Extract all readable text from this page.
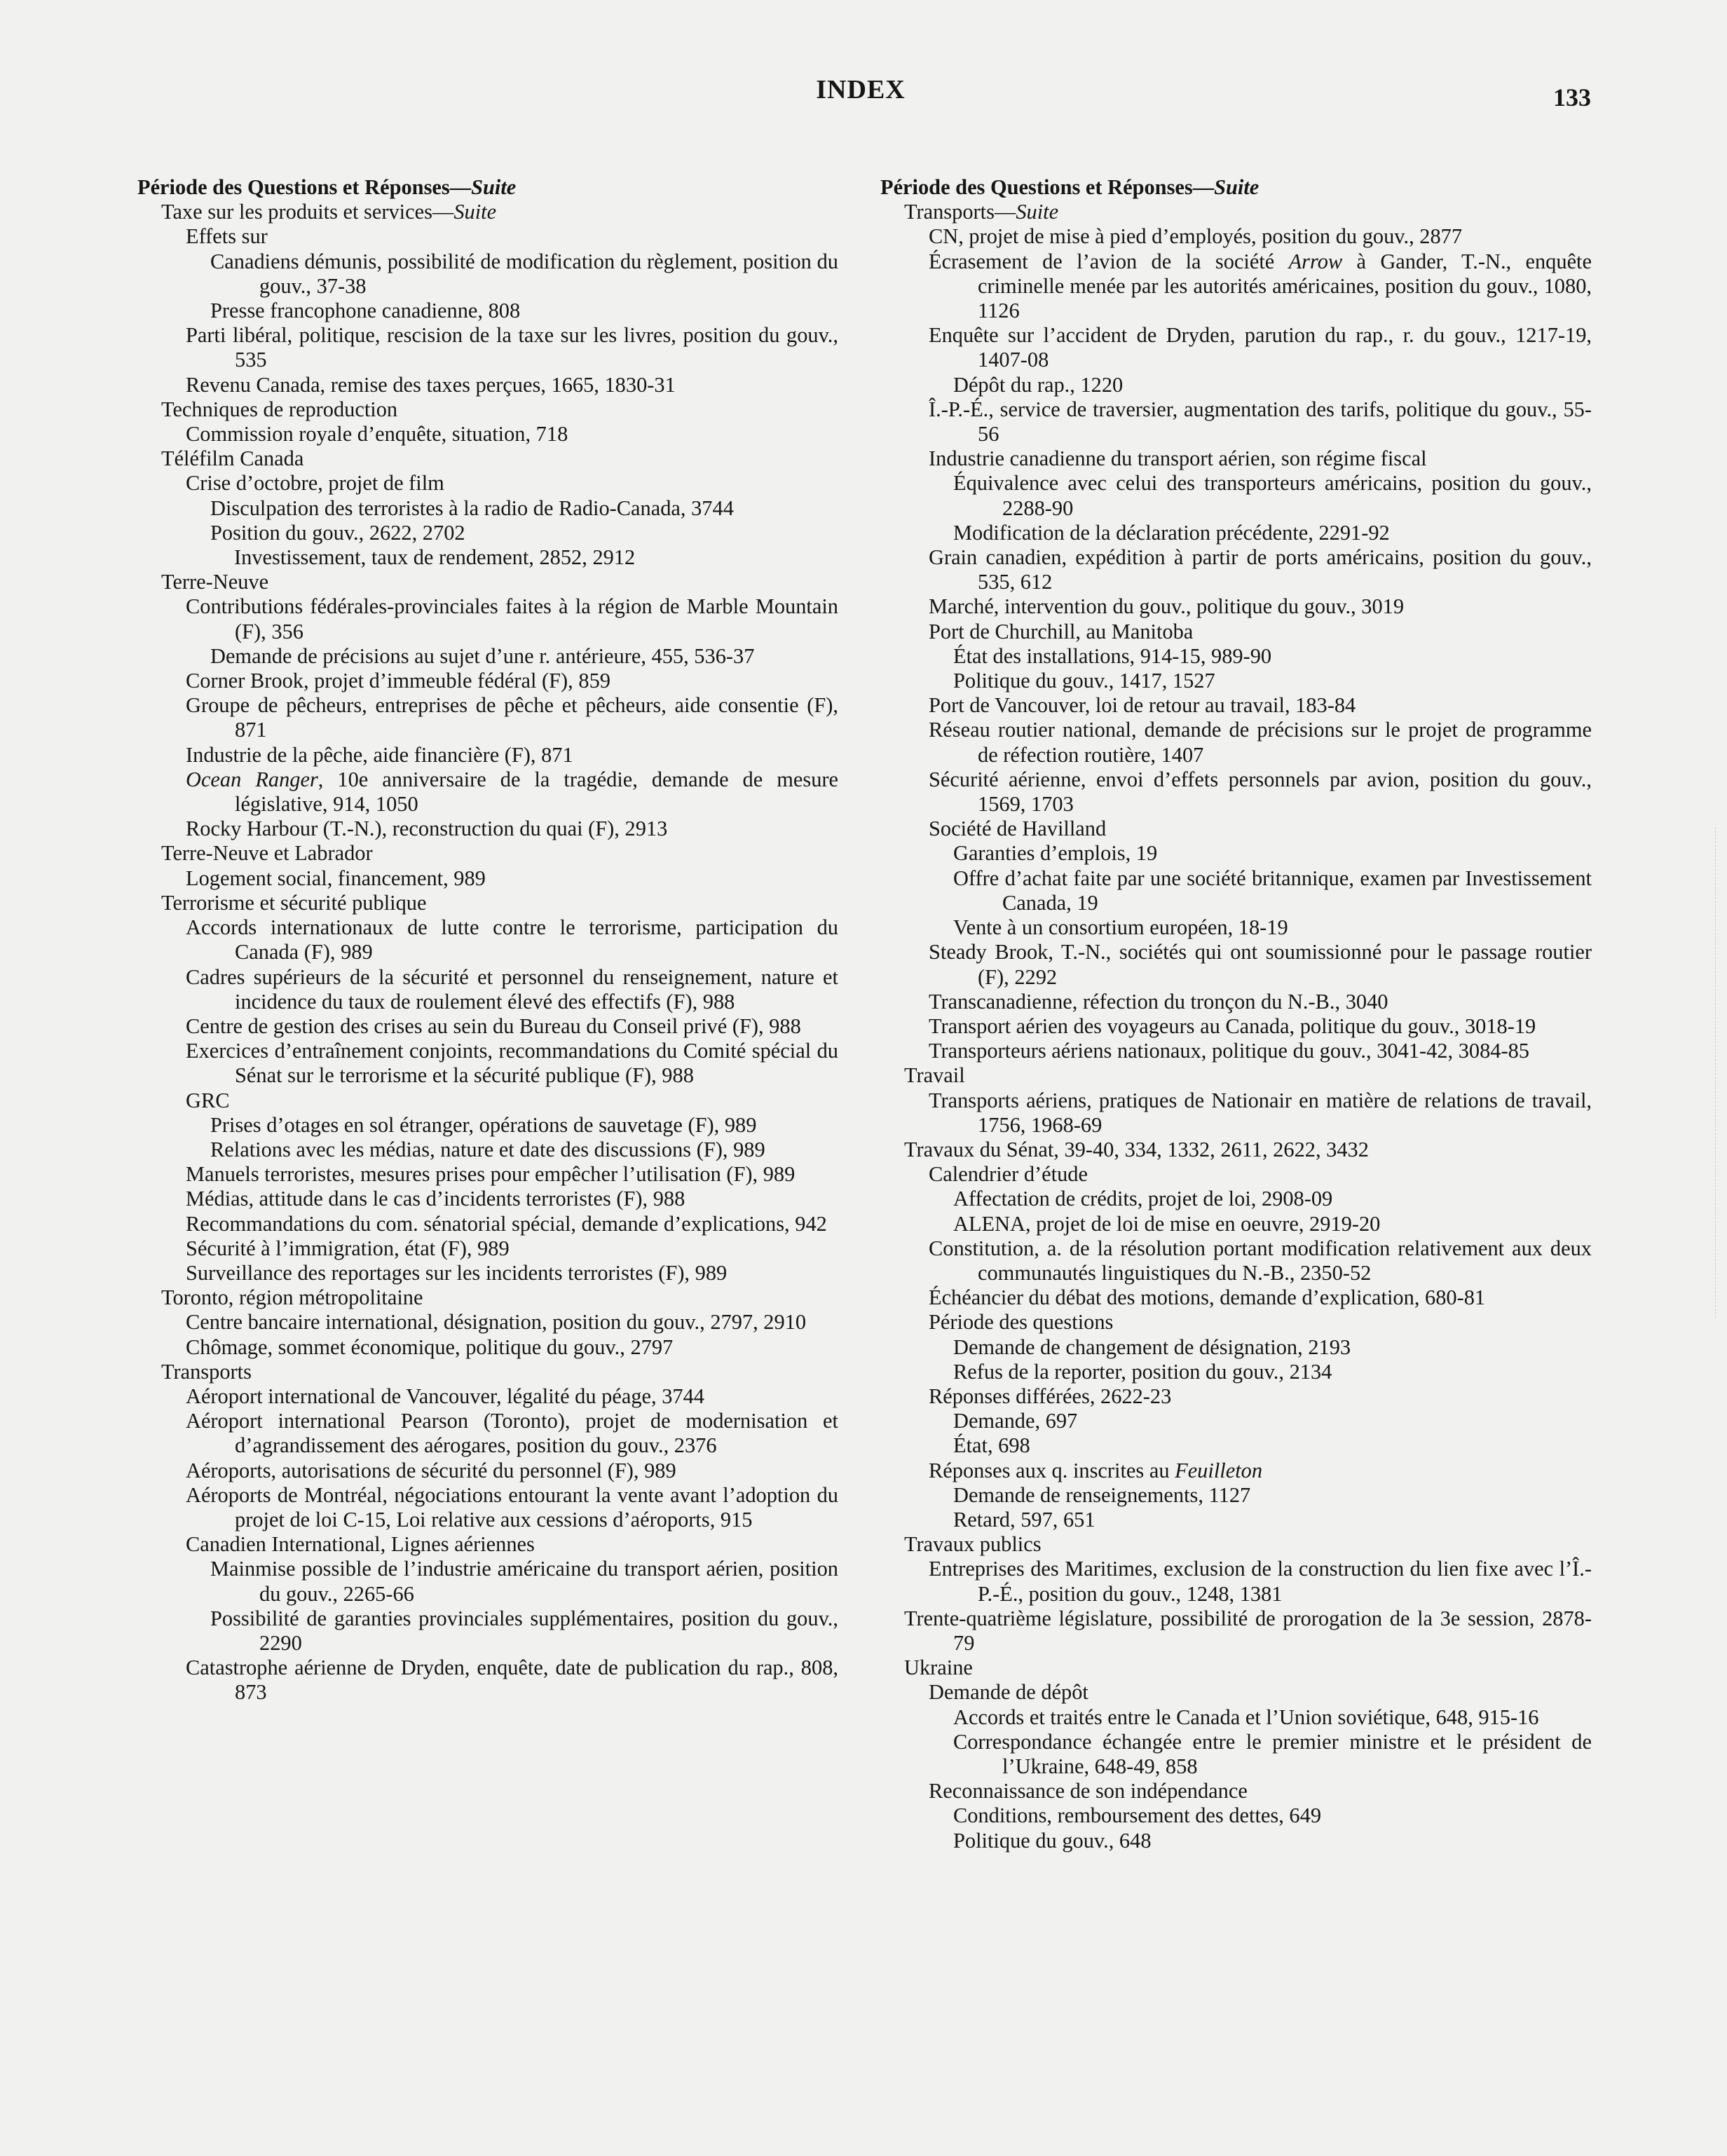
INDEX	133
Période des Questions et Réponses—Suite
Taxe sur les produits et services—Suite
Effets sur
Canadiens démunis, possibilité de modification du règlement, position du gouv., 37-38
Presse francophone canadienne, 808
Parti libéral, politique, rescision de la taxe sur les livres, position du gouv., 535
Revenu Canada, remise des taxes perçues, 1665, 1830-31
Techniques de reproduction
Commission royale d’enquête, situation, 718
Téléfilm Canada
Crise d’octobre, projet de film
Disculpation des terroristes à la radio de Radio-Canada, 3744
Position du gouv., 2622, 2702
Investissement, taux de rendement, 2852, 2912
Terre-Neuve
Contributions fédérales-provinciales faites à la région de Marble Mountain (F), 356
Demande de précisions au sujet d’une r. antérieure, 455, 536-37
Corner Brook, projet d’immeuble fédéral (F), 859
Groupe de pêcheurs, entreprises de pêche et pêcheurs, aide consentie (F), 871
Industrie de la pêche, aide financière (F), 871
Ocean Ranger, 10e anniversaire de la tragédie, demande de mesure législative, 914, 1050
Rocky Harbour (T.-N.), reconstruction du quai (F), 2913
Terre-Neuve et Labrador
Logement social, financement, 989
Terrorisme et sécurité publique
Accords internationaux de lutte contre le terrorisme, participation du Canada (F), 989
Cadres supérieurs de la sécurité et personnel du renseignement, nature et incidence du taux de roulement élevé des effectifs (F), 988
Centre de gestion des crises au sein du Bureau du Conseil privé (F), 988
Exercices d’entraînement conjoints, recommandations du Comité spécial du Sénat sur le terrorisme et la sécurité publique (F), 988
GRC
Prises d’otages en sol étranger, opérations de sauvetage (F), 989
Relations avec les médias, nature et date des discussions (F), 989
Manuels terroristes, mesures prises pour empêcher l’utilisation (F), 989
Médias, attitude dans le cas d’incidents terroristes (F), 988
Recommandations du com. sénatorial spécial, demande d’explications, 942
Sécurité à l’immigration, état (F), 989
Surveillance des reportages sur les incidents terroristes (F), 989
Toronto, région métropolitaine
Centre bancaire international, désignation, position du gouv., 2797, 2910
Chômage, sommet économique, politique du gouv., 2797
Transports
Aéroport international de Vancouver, légalité du péage, 3744
Aéroport international Pearson (Toronto), projet de modernisation et d’agrandissement des aérogares, position du gouv., 2376
Aéroports, autorisations de sécurité du personnel (F), 989
Aéroports de Montréal, négociations entourant la vente avant l’adoption du projet de loi C-15, Loi relative aux cessions d’aéroports, 915
Canadien International, Lignes aériennes
Mainmise possible de l’industrie américaine du transport aérien, position du gouv., 2265-66
Possibilité de garanties provinciales supplémentaires, position du gouv., 2290
Catastrophe aérienne de Dryden, enquête, date de publication du rap., 808, 873
Période des Questions et Réponses—Suite
Transports—Suite
CN, projet de mise à pied d’employés, position du gouv., 2877
Écrasement de l’avion de la société Arrow à Gander, T.-N., enquête criminelle menée par les autorités américaines, position du gouv., 1080, 1126
Enquête sur l’accident de Dryden, parution du rap., r. du gouv., 1217-19, 1407-08
Dépôt du rap., 1220
Î.-P.-É., service de traversier, augmentation des tarifs, politique du gouv., 55-56
Industrie canadienne du transport aérien, son régime fiscal
Équivalence avec celui des transporteurs américains, position du gouv., 2288-90
Modification de la déclaration précédente, 2291-92
Grain canadien, expédition à partir de ports américains, position du gouv., 535, 612
Marché, intervention du gouv., politique du gouv., 3019
Port de Churchill, au Manitoba
État des installations, 914-15, 989-90
Politique du gouv., 1417, 1527
Port de Vancouver, loi de retour au travail, 183-84
Réseau routier national, demande de précisions sur le projet de programme de réfection routière, 1407
Sécurité aérienne, envoi d’effets personnels par avion, position du gouv., 1569, 1703
Société de Havilland
Garanties d’emplois, 19
Offre d’achat faite par une société britannique, examen par Investissement Canada, 19
Vente à un consortium européen, 18-19
Steady Brook, T.-N., sociétés qui ont soumissionné pour le passage routier (F), 2292
Transcanadienne, réfection du tronçon du N.-B., 3040
Transport aérien des voyageurs au Canada, politique du gouv., 3018-19
Transporteurs aériens nationaux, politique du gouv., 3041-42, 3084-85
Travail
Transports aériens, pratiques de Nationair en matière de relations de travail, 1756, 1968-69
Travaux du Sénat, 39-40, 334, 1332, 2611, 2622, 3432
Calendrier d’étude
Affectation de crédits, projet de loi, 2908-09
ALENA, projet de loi de mise en oeuvre, 2919-20
Constitution, a. de la résolution portant modification relativement aux deux communautés linguistiques du N.-B., 2350-52
Échéancier du débat des motions, demande d’explication, 680-81
Période des questions
Demande de changement de désignation, 2193
Refus de la reporter, position du gouv., 2134
Réponses différées, 2622-23
Demande, 697
État, 698
Réponses aux q. inscrites au Feuilleton
Demande de renseignements, 1127
Retard, 597, 651
Travaux publics
Entreprises des Maritimes, exclusion de la construction du lien fixe avec l’Î.-P.-É., position du gouv., 1248, 1381
Trente-quatrième législature, possibilité de prorogation de la 3e session, 2878-79
Ukraine
Demande de dépôt
Accords et traités entre le Canada et l’Union soviétique, 648, 915-16
Correspondance échangée entre le premier ministre et le président de l’Ukraine, 648-49, 858
Reconnaissance de son indépendance
Conditions, remboursement des dettes, 649
Politique du gouv., 648
